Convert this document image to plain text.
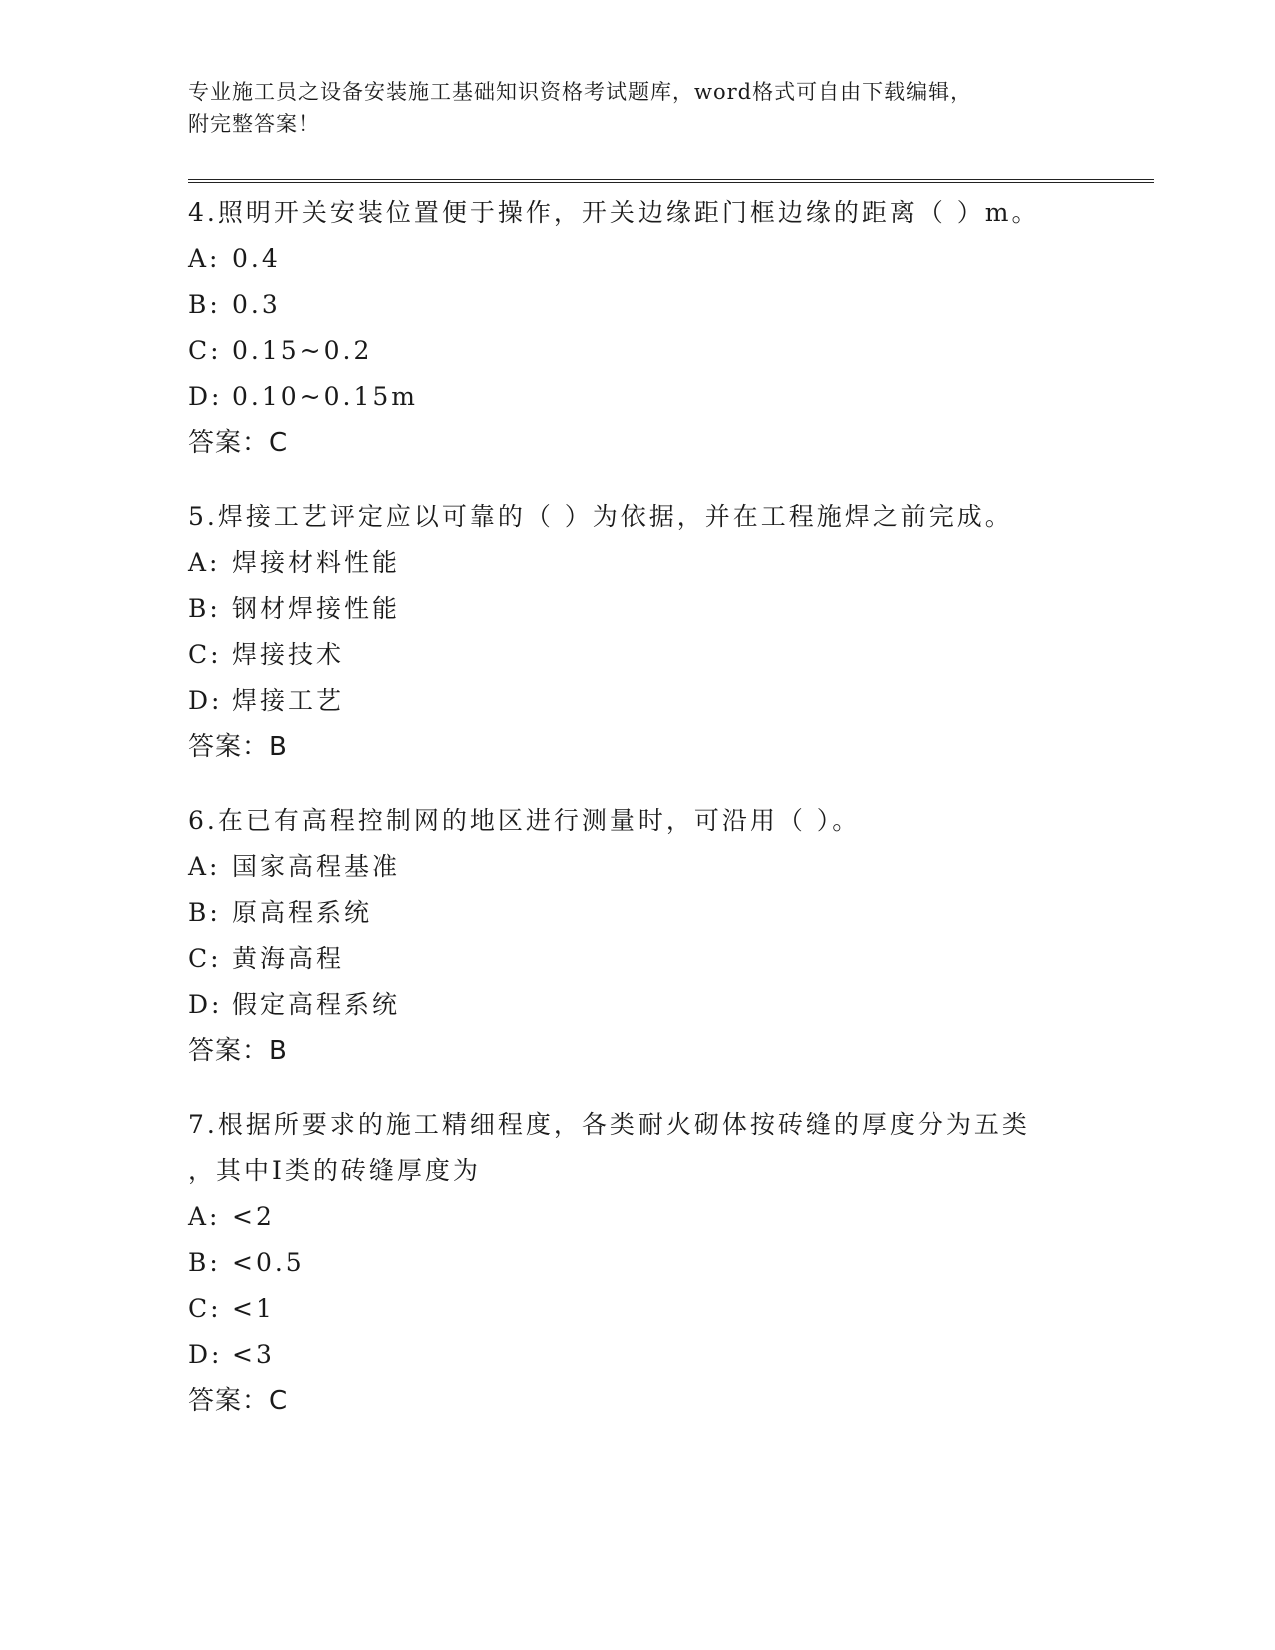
专业施工员之设备安装施工基础知识资格考试题库，word格式可自由下载编辑，
附完整答案！
4.照明开关安装位置便于操作，开关边缘距门框边缘的距离（ ）m。
A: 0.4
B: 0.3
C: 0.15~0.2
D: 0.10~0.15m
答案：C
5.焊接工艺评定应以可靠的（ ）为依据，并在工程施焊之前完成。
A: 焊接材料性能
B: 钢材焊接性能
C: 焊接技术
D: 焊接工艺
答案：B
6.在已有高程控制网的地区进行测量时，可沿用（ ）。
A: 国家高程基准
B: 原高程系统
C: 黄海高程
D: 假定高程系统
答案：B
7.根据所要求的施工精细程度，各类耐火砌体按砖缝的厚度分为五类
，其中Ⅰ类的砖缝厚度为
A: <2
B: <0.5
C: <1
D: <3
答案：C
